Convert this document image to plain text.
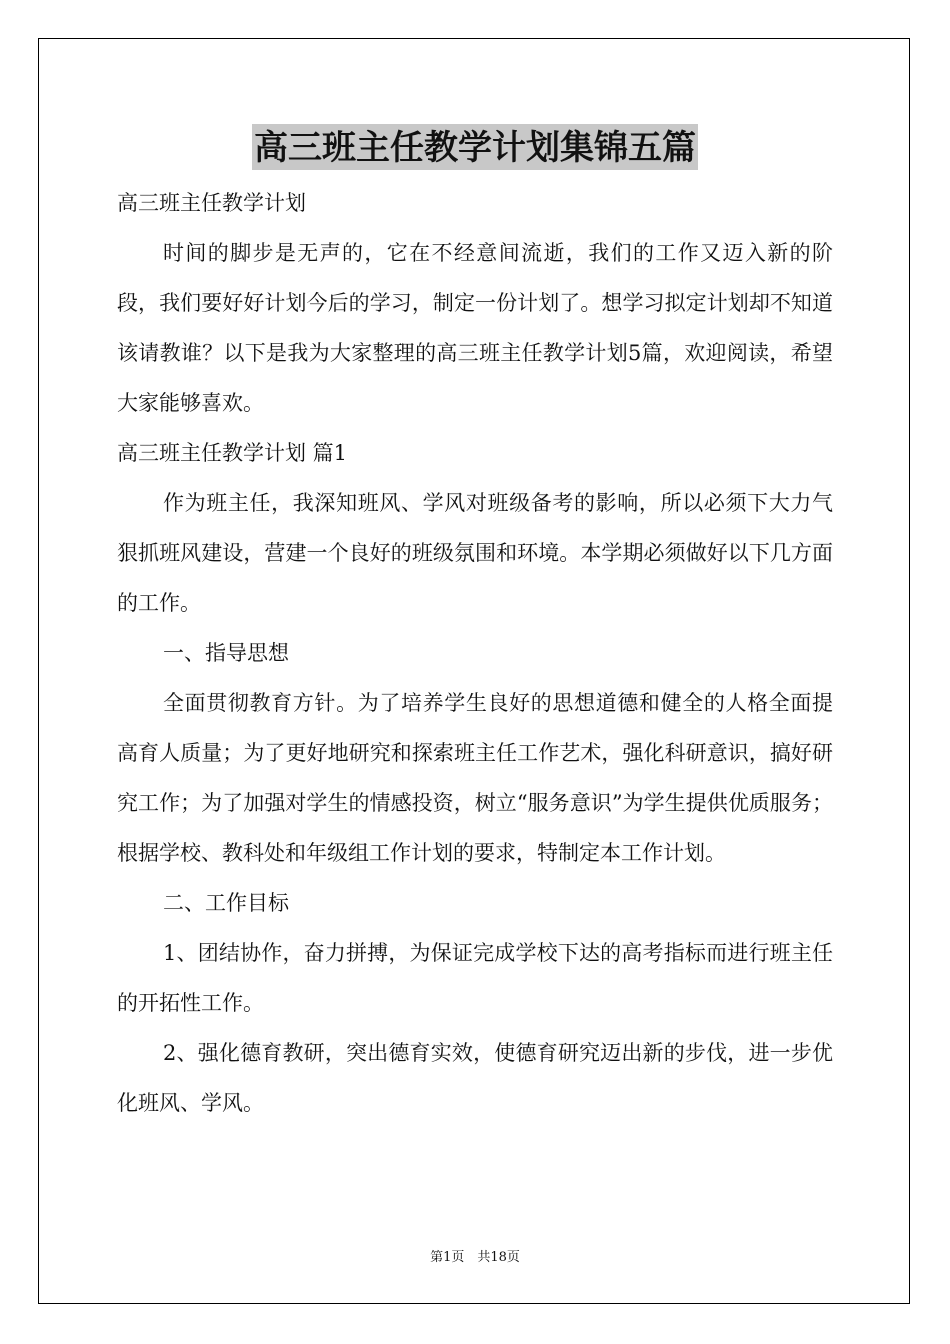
高三班主任教学计划集锦五篇

高三班主任教学计划

时间的脚步是无声的，它在不经意间流逝，我们的工作又迈入新的阶段，我们要好好计划今后的学习，制定一份计划了。想学习拟定计划却不知道该请教谁？以下是我为大家整理的高三班主任教学计划5篇，欢迎阅读，希望大家能够喜欢。

高三班主任教学计划 篇1

作为班主任，我深知班风、学风对班级备考的影响，所以必须下大力气狠抓班风建设，营建一个良好的班级氛围和环境。本学期必须做好以下几方面的工作。

一、指导思想

全面贯彻教育方针。为了培养学生良好的思想道德和健全的人格全面提高育人质量；为了更好地研究和探索班主任工作艺术，强化科研意识，搞好研究工作；为了加强对学生的情感投资，树立“服务意识”为学生提供优质服务；根据学校、教科处和年级组工作计划的要求，特制定本工作计划。

二、工作目标

1、团结协作，奋力拼搏，为保证完成学校下达的高考指标而进行班主任的开拓性工作。

2、强化德育教研，突出德育实效，使德育研究迈出新的步伐，进一步优化班风、学风。

第1页　共18页
